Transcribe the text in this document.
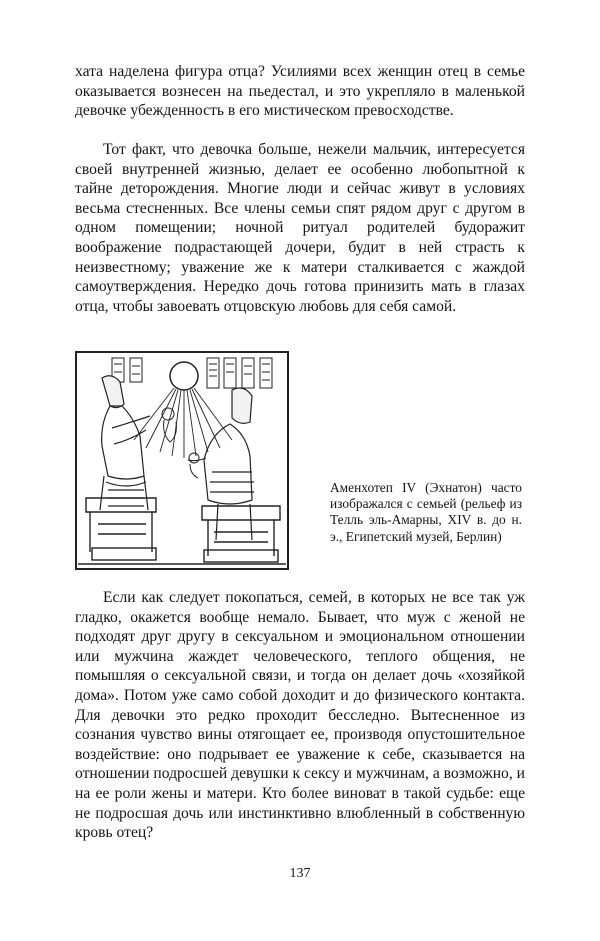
хата наделена фигура отца? Усилиями всех женщин отец в семье оказывается вознесен на пьедестал, и это укрепляло в маленькой девочке убежденность в его мистическом превосходстве.

Тот факт, что девочка больше, нежели мальчик, интересуется своей внутренней жизнью, делает ее особенно любопытной к тайне деторождения. Многие люди и сейчас живут в условиях весьма стесненных. Все члены семьи спят рядом друг с другом в одном помещении; ночной ритуал родителей будоражит воображение подрастающей дочери, будит в ней страсть к неизвестному; уважение же к матери сталкивается с жаждой самоутверждения. Нередко дочь готова принизить мать в глазах отца, чтобы завоевать отцовскую любовь для себя самой.

Аменхотеп IV (Эхнатон) часто изображался с семьей (рельеф из Телль эль-Амарны, XIV в. до н. э., Египетский музей, Берлин)

Если как следует покопаться, семей, в которых не все так уж гладко, окажется вообще немало. Бывает, что муж с женой не подходят друг другу в сексуальном и эмоциональном отношении или мужчина жаждет человеческого, теплого общения, не помышляя о сексуальной связи, и тогда он делает дочь «хозяйкой дома». Потом уже само собой доходит и до физического контакта. Для девочки это редко проходит бесследно. Вытесненное из сознания чувство вины отягощает ее, производя опустошительное воздействие: оно подрывает ее уважение к себе, сказывается на отношении подросшей девушки к сексу и мужчинам, а возможно, и на ее роли жены и матери. Кто более виноват в такой судьбе: еще не подросшая дочь или инстинктивно влюбленный в собственную кровь отец?

137
